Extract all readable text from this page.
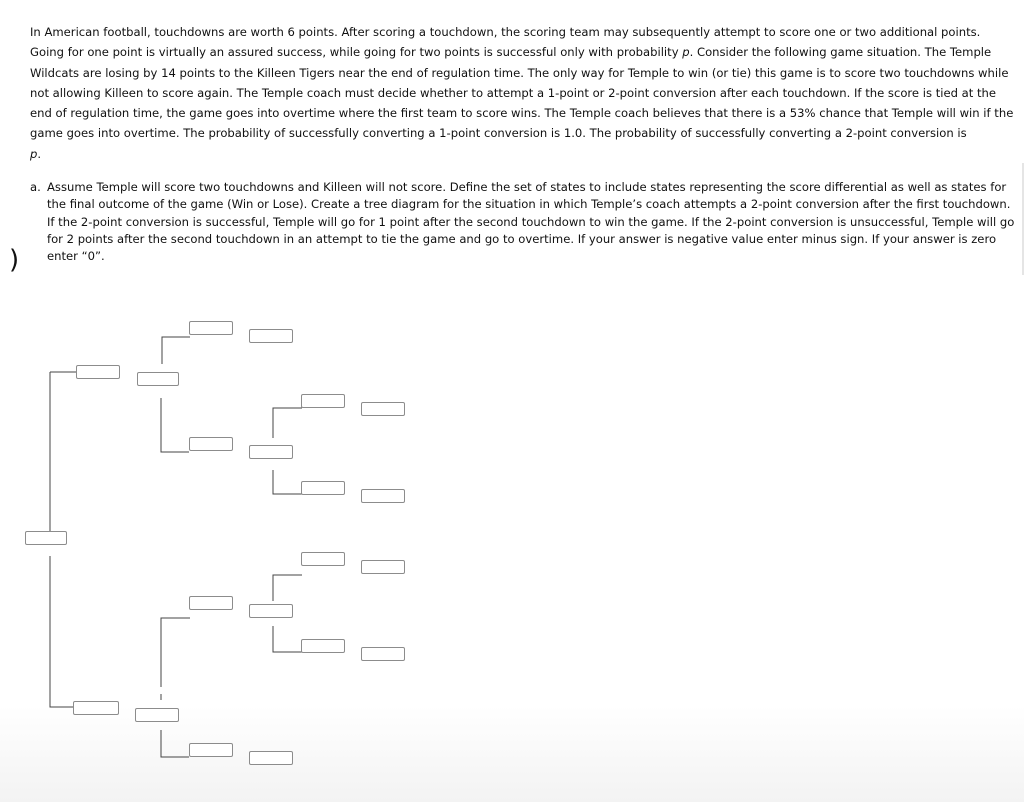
In American football, touchdowns are worth 6 points. After scoring a touchdown, the scoring team may subsequently attempt to score one or two additional points. Going for one point is virtually an assured success, while going for two points is successful only with probability p. Consider the following game situation. The Temple Wildcats are losing by 14 points to the Killeen Tigers near the end of regulation time. The only way for Temple to win (or tie) this game is to score two touchdowns while not allowing Killeen to score again. The Temple coach must decide whether to attempt a 1-point or 2-point conversion after each touchdown. If the score is tied at the end of regulation time, the game goes into overtime where the first team to score wins. The Temple coach believes that there is a 53% chance that Temple will win if the game goes into overtime. The probability of successfully converting a 1-point conversion is 1.0. The probability of successfully converting a 2-point conversion is
p.
a. Assume Temple will score two touchdowns and Killeen will not score. Define the set of states to include states representing the score differential as well as states for the final outcome of the game (Win or Lose). Create a tree diagram for the situation in which Temple’s coach attempts a 2-point conversion after the first touchdown. If the 2-point conversion is successful, Temple will go for 1 point after the second touchdown to win the game. If the 2-point conversion is unsuccessful, Temple will go for 2 points after the second touchdown in an attempt to tie the game and go to overtime. If your answer is negative value enter minus sign. If your answer is zero enter “0”.
)
